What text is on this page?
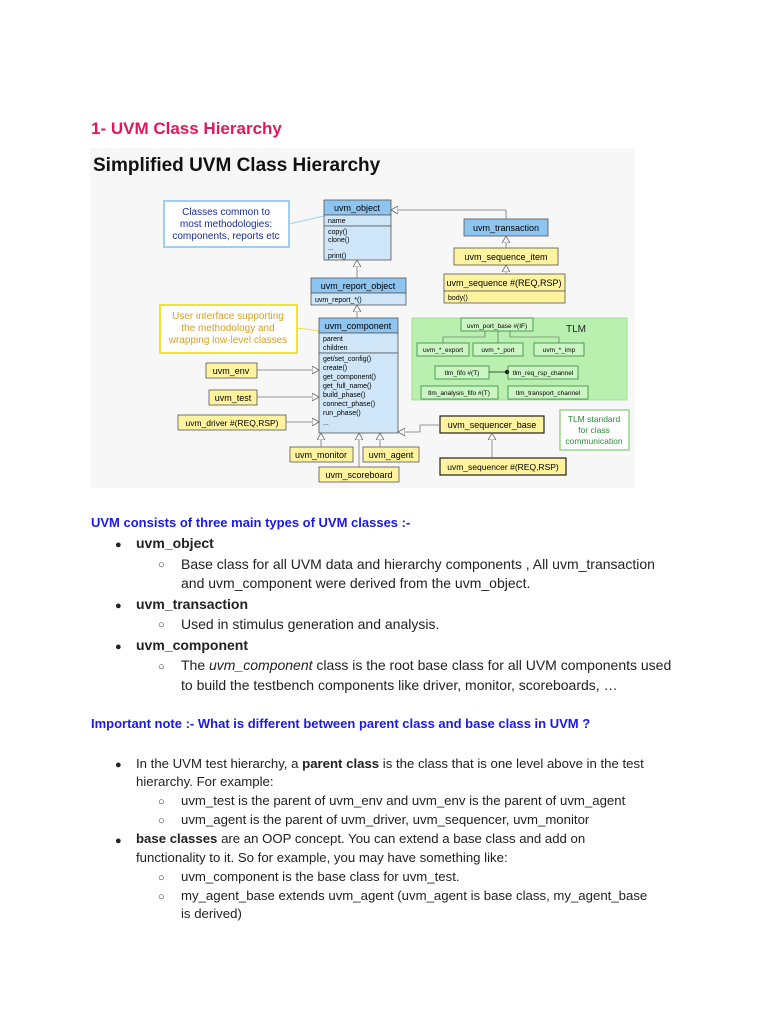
1- UVM Class Hierarchy
Simplified UVM Class Hierarchy
Classes common to
most methodologies:
components, reports etc
User interface supporting
the methodology and
wrapping low-level classes
uvm_object
name
copy()
clone()
...
print()
uvm_transaction
uvm_sequence_item
uvm_sequence #(REQ,RSP)
body()
uvm_report_object
uvm_report_*()
uvm_component
parent
children
get/set_config()
create()
get_component()
get_full_name()
build_phase()
connect_phase()
run_phase()
...
uvm_env
uvm_test
uvm_driver #(REQ,RSP)
uvm_monitor uvm_agent
uvm_scoreboard
uvm_sequencer_base
uvm_sequencer #(REQ,RSP)
TLM
uvm_port_base #(IF)
uvm_*_export	uvm_*_port	uvm_*_imp
tlm_fifo #(T)	tlm_req_rsp_channel
tlm_analysis_fifo #(T)	tlm_transport_channel
TLM standard
for class
communication
UVM consists of three main types of UVM classes :-
● uvm_object
○ Base class for all UVM data and hierarchy components , All uvm_transaction
and uvm_component were derived from the uvm_object.
● uvm_transaction
○ Used in stimulus generation and analysis.
● uvm_component
○ The uvm_component class is the root base class for all UVM components used
to build the testbench components like driver, monitor, scoreboards, …
Important note :- What is different between parent class and base class in UVM ?
● In the UVM test hierarchy, a parent class is the class that is one level above in the test
hierarchy. For example:
○ uvm_test is the parent of uvm_env and uvm_env is the parent of uvm_agent
○ uvm_agent is the parent of uvm_driver, uvm_sequencer, uvm_monitor
● base classes are an OOP concept. You can extend a base class and add on
functionality to it. So for example, you may have something like:
○ uvm_component is the base class for uvm_test.
○ my_agent_base extends uvm_agent (uvm_agent is base class, my_agent_base
is derived)
